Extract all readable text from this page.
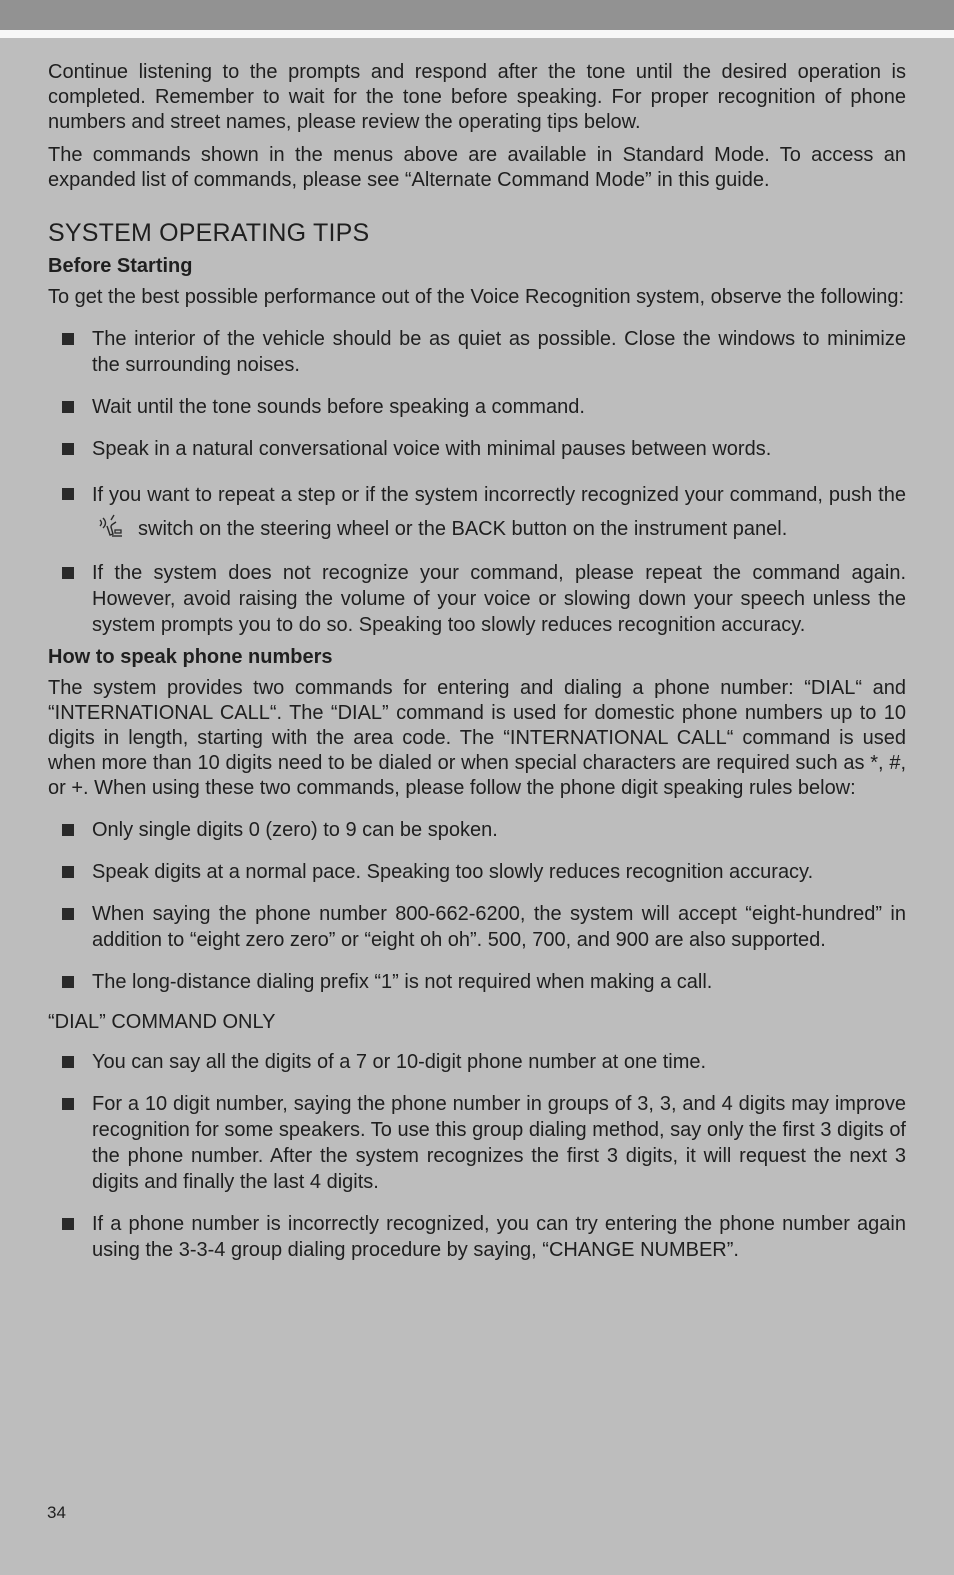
Continue listening to the prompts and respond after the tone until the desired operation is completed. Remember to wait for the tone before speaking. For proper recognition of phone numbers and street names, please review the operating tips below.

The commands shown in the menus above are available in Standard Mode. To access an expanded list of commands, please see “Alternate Command Mode” in this guide.

SYSTEM OPERATING TIPS
Before Starting

To get the best possible performance out of the Voice Recognition system, observe the following:

The interior of the vehicle should be as quiet as possible. Close the windows to minimize the surrounding noises.
Wait until the tone sounds before speaking a command.
Speak in a natural conversational voice with minimal pauses between words.
If you want to repeat a step or if the system incorrectly recognized your command, push theswitch on the steering wheel or the BACK button on the instrument panel.
If the system does not recognize your command, please repeat the command again. However, avoid raising the volume of your voice or slowing down your speech unless the system prompts you to do so. Speaking too slowly reduces recognition accuracy.
How to speak phone numbers

The system provides two commands for entering and dialing a phone number: “DIAL“ and “INTERNATIONAL CALL“. The “DIAL” command is used for domestic phone numbers up to 10 digits in length, starting with the area code. The “INTERNATIONAL CALL“ command is used when more than 10 digits need to be dialed or when special characters are required such as *, #, or +. When using these two commands, please follow the phone digit speaking rules below:

Only single digits 0 (zero) to 9 can be spoken.
Speak digits at a normal pace. Speaking too slowly reduces recognition accuracy.
When saying the phone number 800-662-6200, the system will accept “eight-hundred” in addition to “eight zero zero” or “eight oh oh”. 500, 700, and 900 are also supported.
The long-distance dialing prefix “1” is not required when making a call.
“DIAL” COMMAND ONLY
You can say all the digits of a 7 or 10-digit phone number at one time.
For a 10 digit number, saying the phone number in groups of 3, 3, and 4 digits may improve recognition for some speakers. To use this group dialing method, say only the first 3 digits of the phone number. After the system recognizes the first 3 digits, it will request the next 3 digits and finally the last 4 digits.
If a phone number is incorrectly recognized, you can try entering the phone number again using the 3-3-4 group dialing procedure by saying, “CHANGE NUMBER”.
34
